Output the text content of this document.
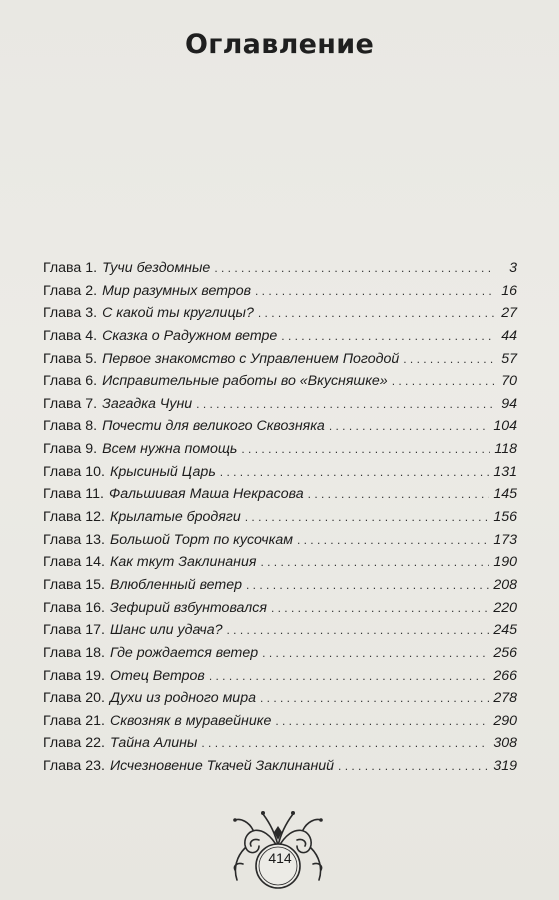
Оглавление
Глава 1. Тучи бездомные . . .	3
Глава 2. Мир разумных ветров . . .	16
Глава 3. С какой ты круглицы? . . .	27
Глава 4. Сказка о Радужном ветре . . .	44
Глава 5. Первое знакомство с Управлением Погодой . . .	57
Глава 6. Исправительные работы во «Вкусняшке» . . .	70
Глава 7. Загадка Чуни . . .	94
Глава 8. Почести для великого Сквозняка . . .	104
Глава 9. Всем нужна помощь . . .	118
Глава 10. Крысиный Царь . . .	131
Глава 11. Фальшивая Маша Некрасова . . .	145
Глава 12. Крылатые бродяги . . .	156
Глава 13. Большой Торт по кусочкам . . .	173
Глава 14. Как ткут Заклинания . . .	190
Глава 15. Влюбленный ветер . . .	208
Глава 16. Зефирий взбунтовался . . .	220
Глава 17. Шанс или удача? . . .	245
Глава 18. Где рождается ветер . . .	256
Глава 19. Отец Ветров . . .	266
Глава 20. Духи из родного мира . . .	278
Глава 21. Сквозняк в муравейнике . . .	290
Глава 22. Тайна Алины . . .	308
Глава 23. Исчезновение Ткачей Заклинаний . . .	319
414
